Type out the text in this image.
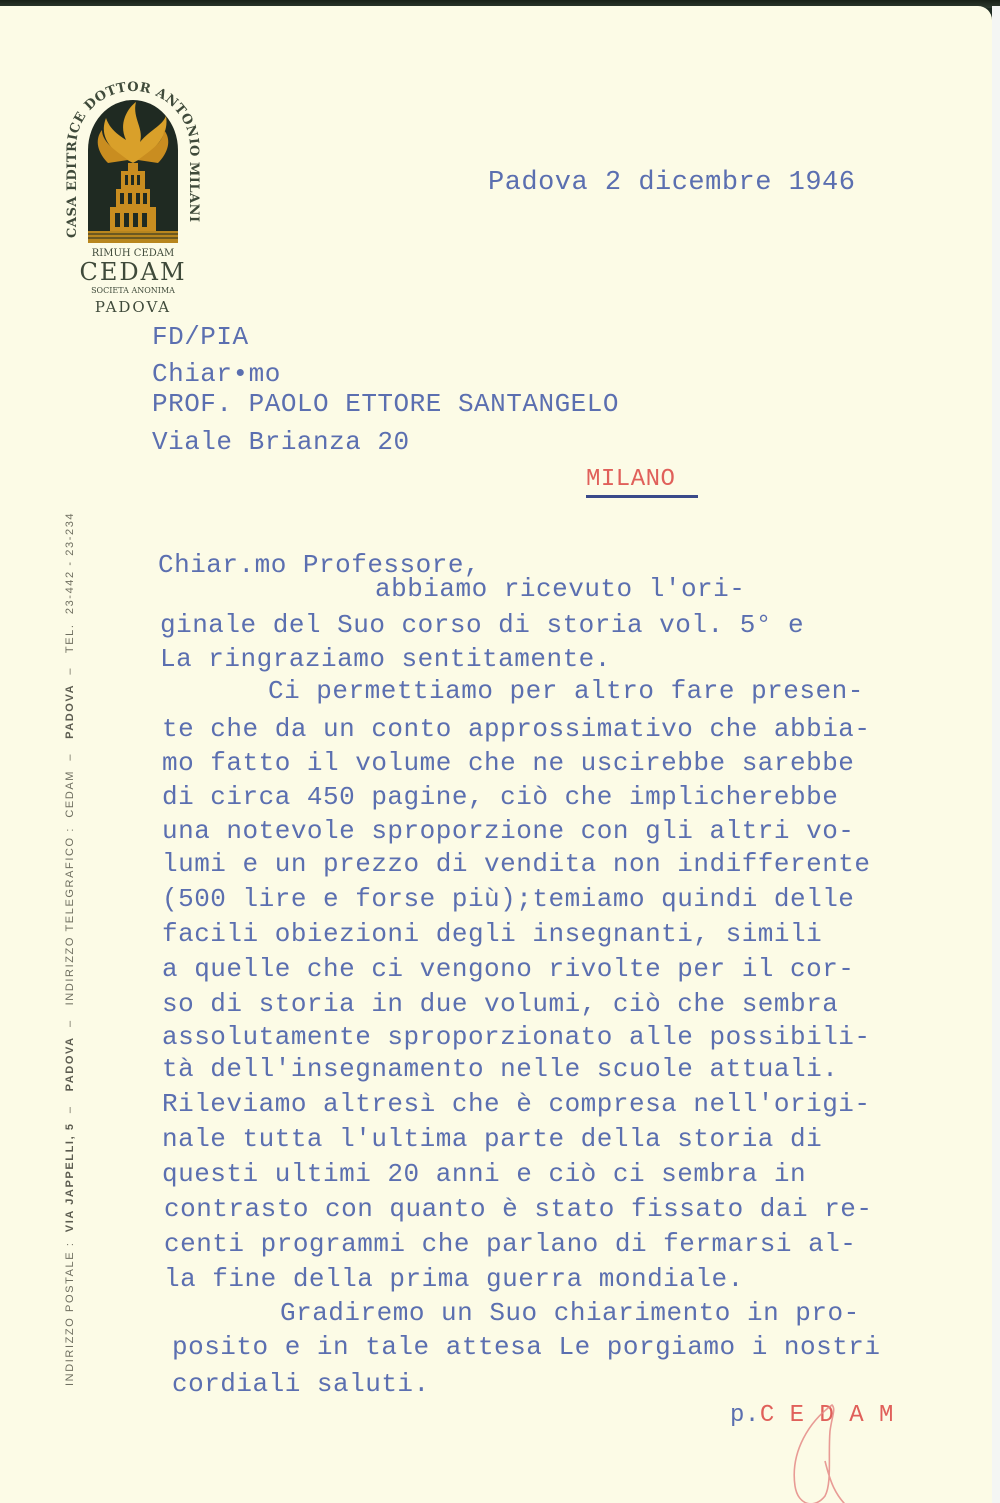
CASA EDITRICE DOTTOR ANTONIO MILANI
RIMUH CEDAM
CEDAM
SOCIETA ANONIMA
PADOVA
INDIRIZZO POSTALE :  VIA JAPPELLI, 5  –   PADOVA  –   INDIRIZZO TELEGRAFICO :  CEDAM  –   PADOVA  –   TEL.  23-442 - 23-234
Padova 2 dicembre 1946
FD/PIA
Chiar•mo
PROF. PAOLO ETTORE SANTANGELO
Viale Brianza 20
MILANO
Chiar.mo Professore,
abbiamo ricevuto l'ori-
ginale del Suo corso di storia vol. 5° e
La ringraziamo sentitamente.
Ci permettiamo per altro fare presen-
te che da un conto approssimativo che abbia-
mo fatto il volume che ne uscirebbe sarebbe
di circa 450 pagine, ciò che implicherebbe
una notevole sproporzione con gli altri vo-
lumi e un prezzo di vendita non indifferente
(500 lire e forse più);temiamo quindi delle
facili obiezioni degli insegnanti, simili
a quelle che ci vengono rivolte per il cor-
so di storia in due volumi, ciò che sembra
assolutamente sproporzionato alle possibili-
tà dell'insegnamento nelle scuole attuali.
Rileviamo altresì che è compresa nell'origi-
nale tutta l'ultima parte della storia di
questi ultimi 20 anni e ciò ci sembra in
contrasto con quanto è stato fissato dai re-
centi programmi che parlano di fermarsi al-
la fine della prima guerra mondiale.
Gradiremo un Suo chiarimento in pro-
posito e in tale attesa Le porgiamo i nostri
cordiali saluti.
p.C E D A M
